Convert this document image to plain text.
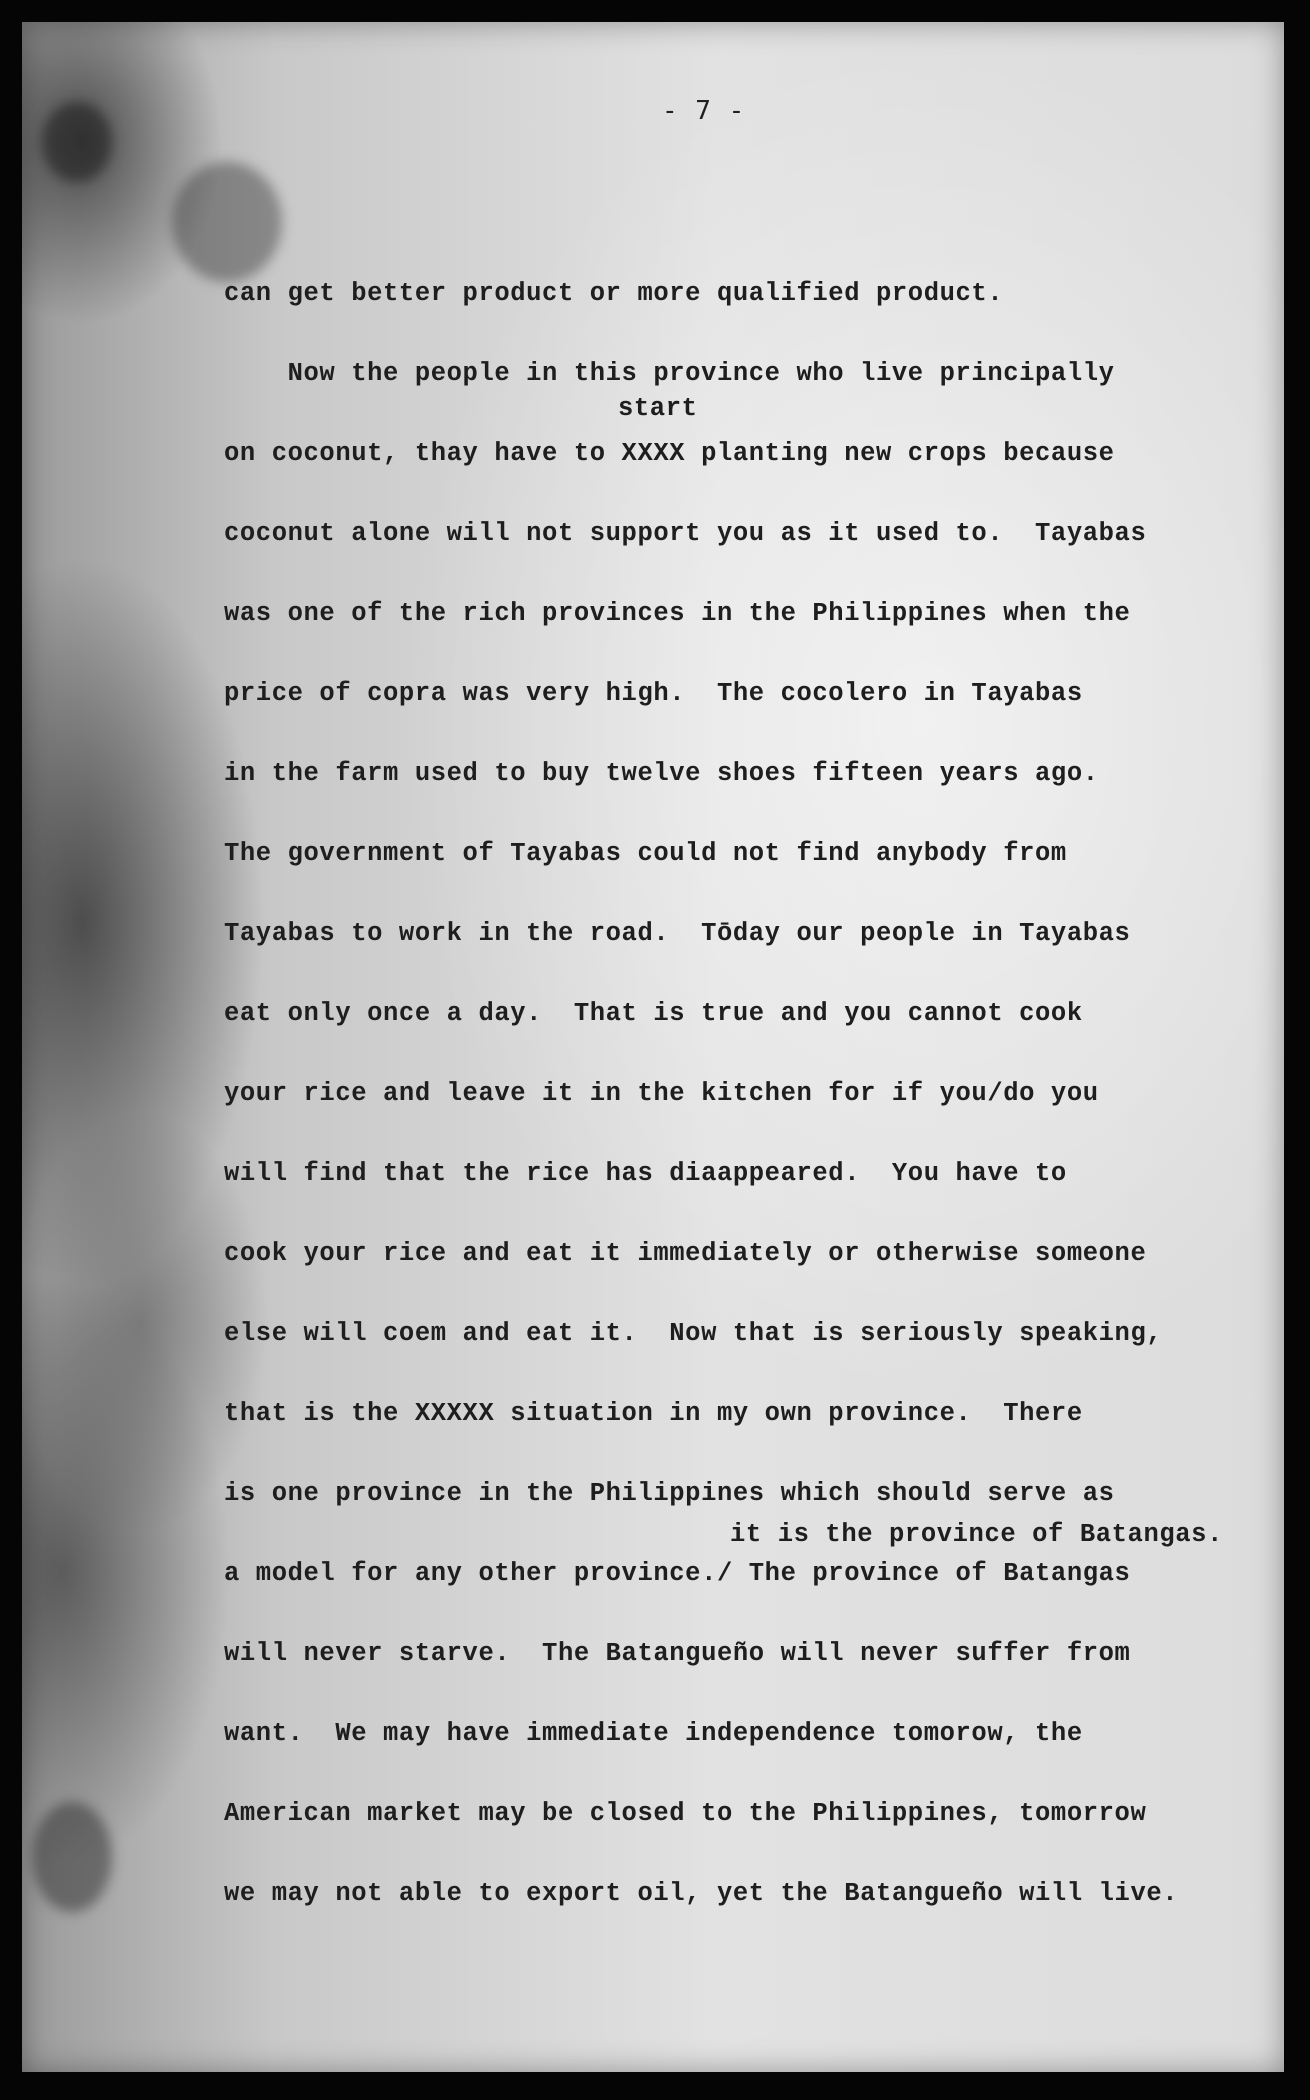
- 7 -
start
it is the province of Batangas.
can get better product or more qualified product.
Now the people in this province who live principally
on coconut, thay have to XXXX planting new crops because
coconut alone will not support you as it used to.  Tayabas
was one of the rich provinces in the Philippines when the
price of copra was very high.  The cocolero in Tayabas
in the farm used to buy twelve shoes fifteen years ago.
The government of Tayabas could not find anybody from
Tayabas to work in the road.  Tōday our people in Tayabas
eat only once a day.  That is true and you cannot cook
your rice and leave it in the kitchen for if you/do you
will find that the rice has diaappeared.  You have to
cook your rice and eat it immediately or otherwise someone
else will coem and eat it.  Now that is seriously speaking,
that is the XXXXX situation in my own province.  There
is one province in the Philippines which should serve as
a model for any other province./ The province of Batangas
will never starve.  The Batangueño will never suffer from
want.  We may have immediate independence tomorow, the
American market may be closed to the Philippines, tomorrow
we may not able to export oil, yet the Batangueño will live.
